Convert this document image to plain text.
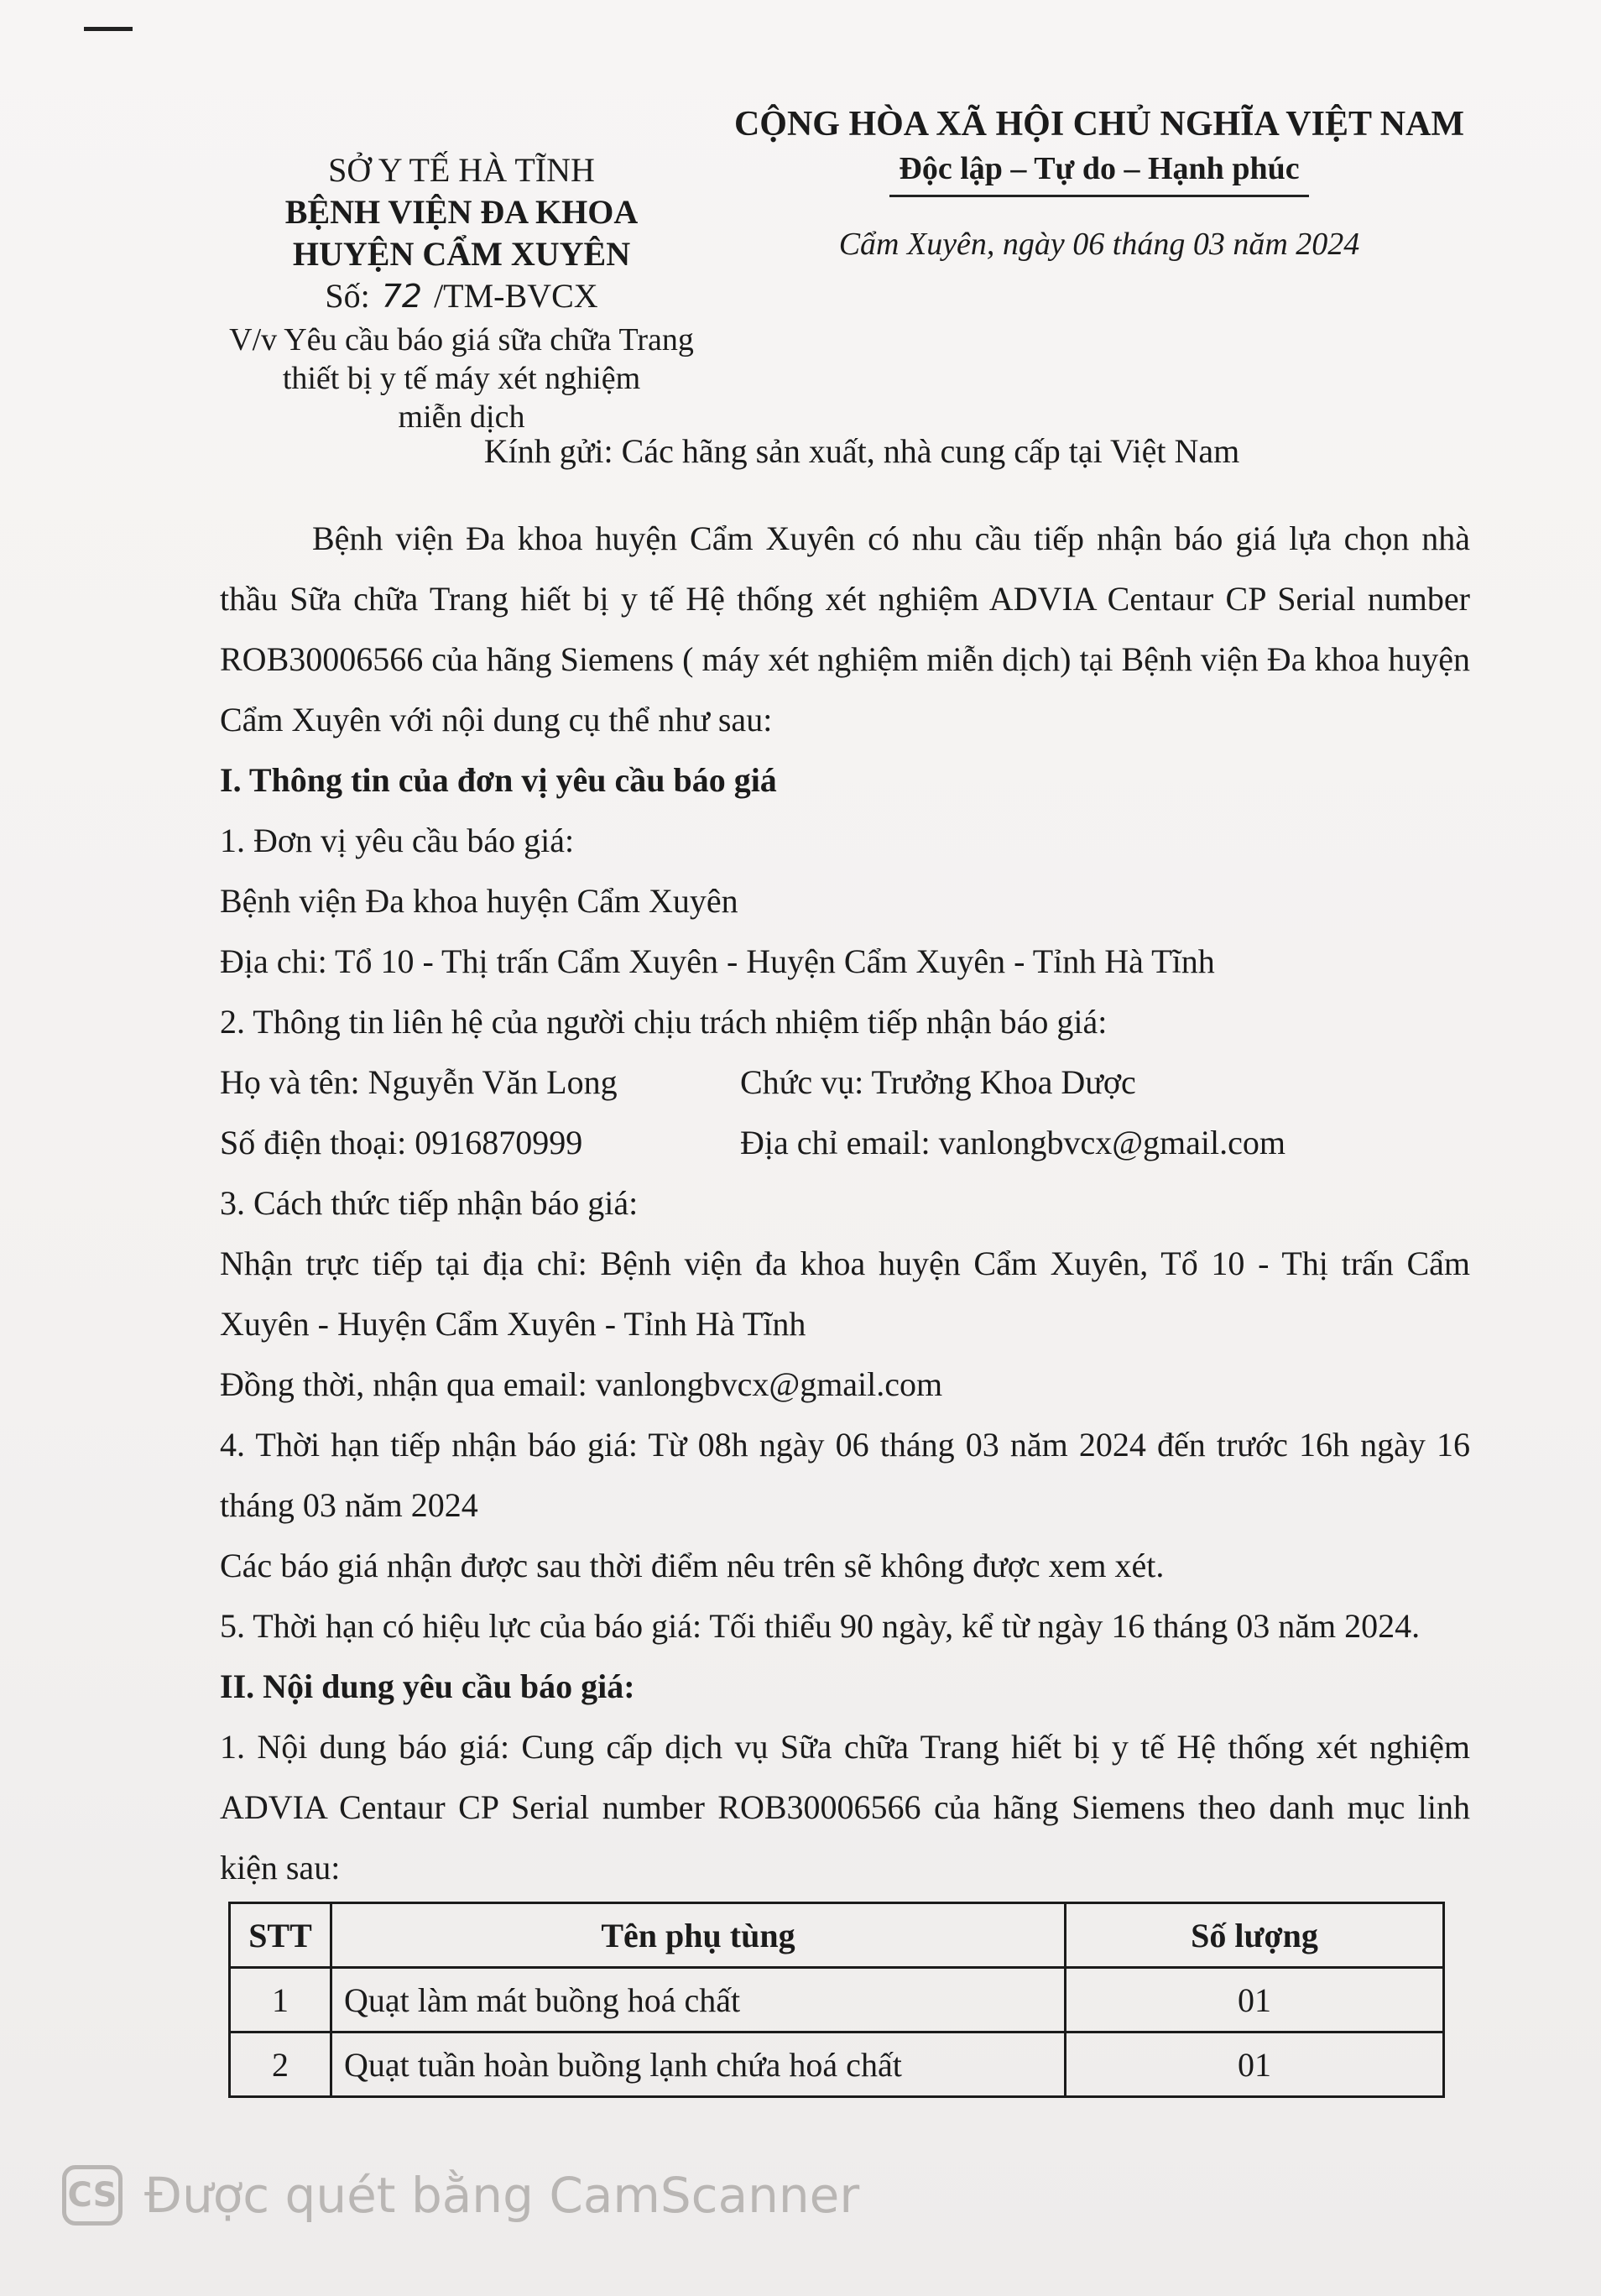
SỞ Y TẾ HÀ TĨNH
BỆNH VIỆN ĐA KHOA
HUYỆN CẨM XUYÊN
Số: 72 /TM-BVCX
V/v Yêu cầu báo giá sữa chữa Trang
thiết bị y tế máy xét nghiệm
miễn dịch
CỘNG HÒA XÃ HỘI CHỦ NGHĨA VIỆT NAM
Độc lập – Tự do – Hạnh phúc
Cẩm Xuyên, ngày 06 tháng 03 năm 2024
Kính gửi: Các hãng sản xuất, nhà cung cấp tại Việt Nam
Bệnh viện Đa khoa huyện Cẩm Xuyên có nhu cầu tiếp nhận báo giá lựa chọn nhà thầu Sữa chữa Trang hiết bị y tế Hệ thống xét nghiệm ADVIA Centaur CP Serial number ROB30006566 của hãng Siemens ( máy xét nghiệm miễn dịch) tại Bệnh viện Đa khoa huyện Cẩm Xuyên với nội dung cụ thể như sau:
I. Thông tin của đơn vị yêu cầu báo giá
1. Đơn vị yêu cầu báo giá:
Bệnh viện Đa khoa huyện Cẩm Xuyên
Địa chi: Tổ 10 - Thị trấn Cẩm Xuyên - Huyện Cẩm Xuyên - Tỉnh Hà Tĩnh
2. Thông tin liên hệ của người chịu trách nhiệm tiếp nhận báo giá:
Họ và tên: Nguyễn Văn Long	Chức vụ: Trưởng Khoa Dược
Số điện thoại: 0916870999	Địa chỉ email: vanlongbvcx@gmail.com
3. Cách thức tiếp nhận báo giá:
Nhận trực tiếp tại địa chỉ: Bệnh viện đa khoa huyện Cẩm Xuyên, Tổ 10 - Thị trấn Cẩm Xuyên - Huyện Cẩm Xuyên - Tỉnh Hà Tĩnh
Đồng thời, nhận qua email: vanlongbvcx@gmail.com
4. Thời hạn tiếp nhận báo giá: Từ 08h ngày 06 tháng 03 năm 2024 đến trước 16h ngày 16 tháng 03 năm 2024
Các báo giá nhận được sau thời điểm nêu trên sẽ không được xem xét.
5. Thời hạn có hiệu lực của báo giá: Tối thiểu 90 ngày, kể từ ngày 16 tháng 03 năm 2024.
II. Nội dung yêu cầu báo giá:
1. Nội dung báo giá: Cung cấp dịch vụ Sữa chữa Trang hiết bị y tế Hệ thống xét nghiệm ADVIA Centaur CP Serial number ROB30006566 của hãng Siemens theo danh mục linh kiện sau:
STT	Tên phụ tùng	Số lượng
1	Quạt làm mát buồng hoá chất	01
2	Quạt tuần hoàn buồng lạnh chứa hoá chất	01
CS Được quét bằng CamScanner
